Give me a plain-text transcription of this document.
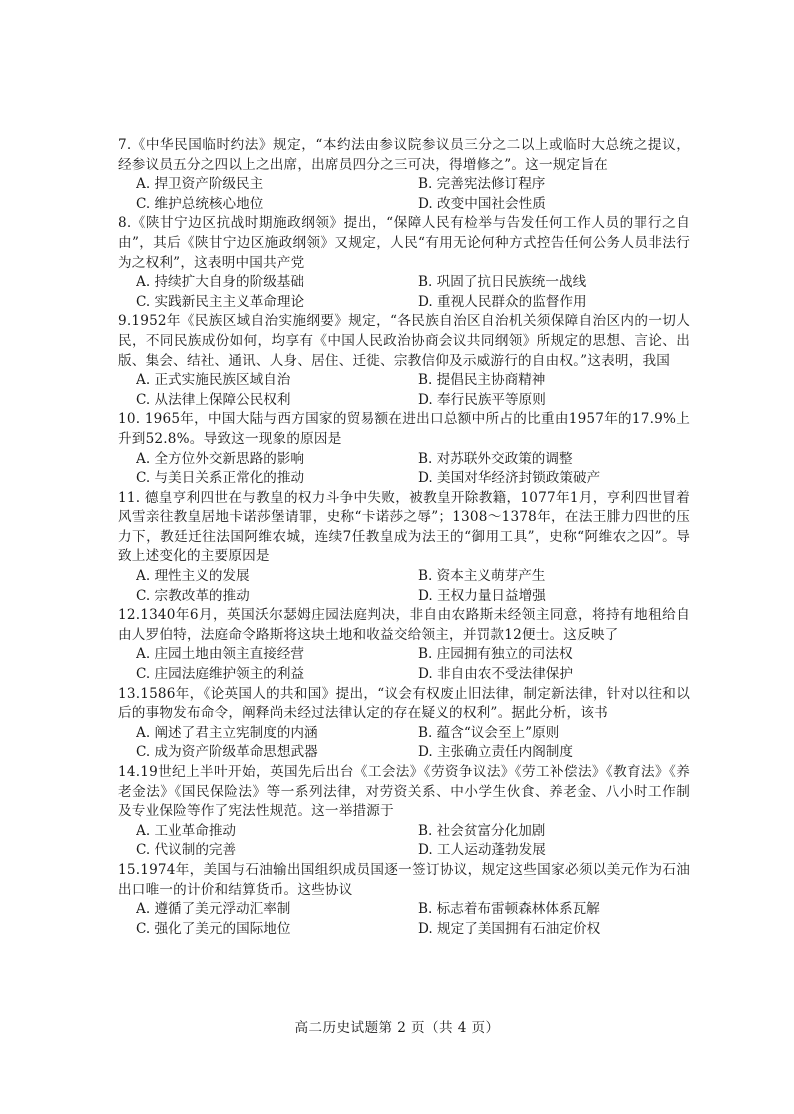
7.《中华民国临时约法》规定，“本约法由参议院参议员三分之二以上或临时大总统之提议，经参议员五分之四以上之出席，出席员四分之三可决，得增修之”。这一规定旨在

A. 捍卫资产阶级民主	B. 完善宪法修订程序
C. 维护总统核心地位	D. 改变中国社会性质

8.《陕甘宁边区抗战时期施政纲领》提出，“保障人民有检举与告发任何工作人员的罪行之自由”，其后《陕甘宁边区施政纲领》又规定，人民“有用无论何种方式控告任何公务人员非法行为之权利”，这表明中国共产党

A. 持续扩大自身的阶级基础	B. 巩固了抗日民族统一战线
C. 实践新民主主义革命理论	D. 重视人民群众的监督作用

9.1952年《民族区域自治实施纲要》规定，“各民族自治区自治机关须保障自治区内的一切人民，不同民族成份如何，均享有《中国人民政治协商会议共同纲领》所规定的思想、言论、出版、集会、结社、通讯、人身、居住、迁徙、宗教信仰及示威游行的自由权。”这表明，我国

A. 正式实施民族区域自治	B. 提倡民主协商精神
C. 从法律上保障公民权利	D. 奉行民族平等原则

10. 1965年，中国大陆与西方国家的贸易额在进出口总额中所占的比重由1957年的17.9%上升到52.8%。导致这一现象的原因是

A. 全方位外交新思路的影响	B. 对苏联外交政策的调整
C. 与美日关系正常化的推动	D. 美国对华经济封锁政策破产

11. 德皇亨利四世在与教皇的权力斗争中失败，被教皇开除教籍，1077年1月，亨利四世冒着风雪亲往教皇居地卡诺莎堡请罪，史称“卡诺莎之辱”；1308～1378年，在法王腓力四世的压力下，教廷迁往法国阿维农城，连续7任教皇成为法王的“御用工具”，史称“阿维农之囚”。导致上述变化的主要原因是

A. 理性主义的发展	B. 资本主义萌芽产生
C. 宗教改革的推动	D. 王权力量日益增强

12.1340年6月，英国沃尔瑟姆庄园法庭判决，非自由农路斯未经领主同意，将持有地租给自由人罗伯特，法庭命令路斯将这块土地和收益交给领主，并罚款12便士。这反映了

A. 庄园土地由领主直接经营	B. 庄园拥有独立的司法权
C. 庄园法庭维护领主的利益	D. 非自由农不受法律保护

13.1586年，《论英国人的共和国》提出，“议会有权废止旧法律，制定新法律，针对以往和以后的事物发布命令，阐释尚未经过法律认定的存在疑义的权利”。据此分析，该书

A. 阐述了君主立宪制度的内涵	B. 蕴含“议会至上”原则
C. 成为资产阶级革命思想武器	D. 主张确立责任内阁制度

14.19世纪上半叶开始，英国先后出台《工会法》《劳资争议法》《劳工补偿法》《教育法》《养老金法》《国民保险法》等一系列法律，对劳资关系、中小学生伙食、养老金、八小时工作制及专业保险等作了宪法性规范。这一举措源于

A. 工业革命推动	B. 社会贫富分化加剧
C. 代议制的完善	D. 工人运动蓬勃发展

15.1974年，美国与石油输出国组织成员国逐一签订协议，规定这些国家必须以美元作为石油出口唯一的计价和结算货币。这些协议

A. 遵循了美元浮动汇率制	B. 标志着布雷顿森林体系瓦解
C. 强化了美元的国际地位	D. 规定了美国拥有石油定价权
高二历史试题第 2 页（共 4 页）
